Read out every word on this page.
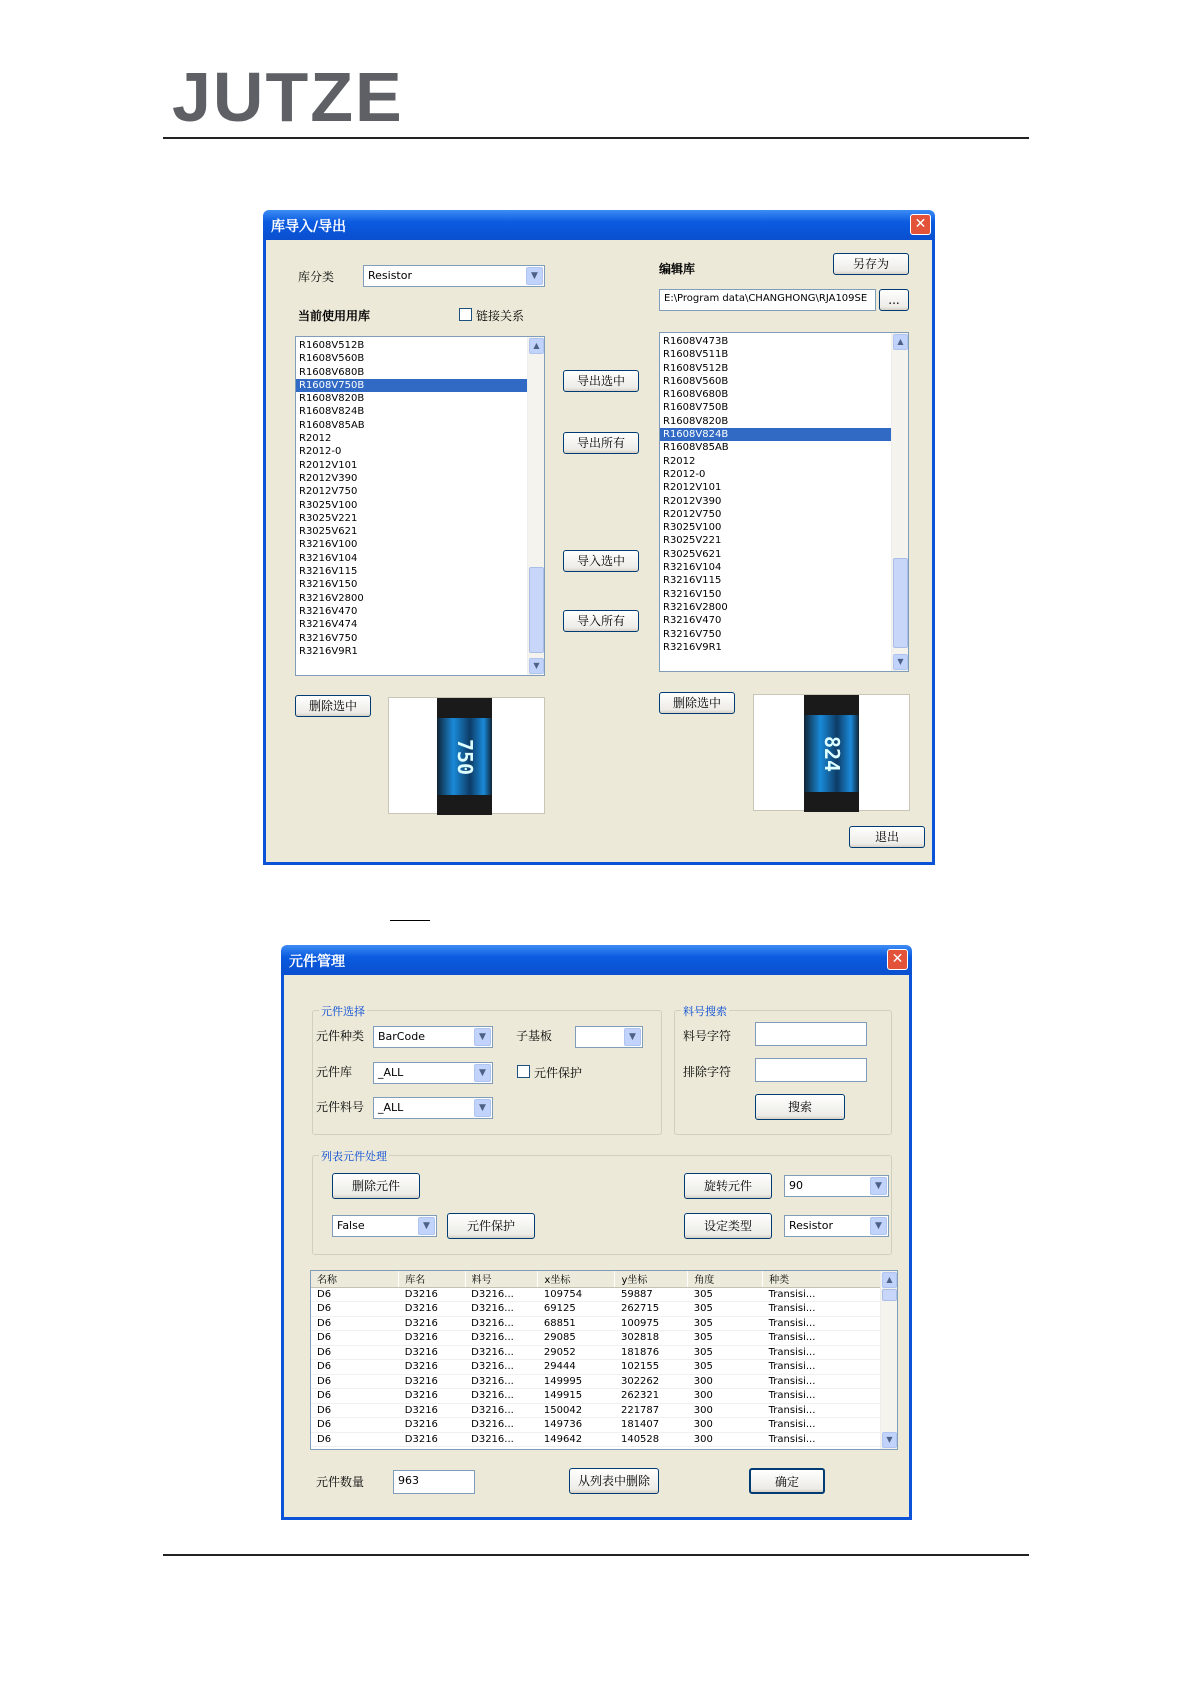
JUTZE
库导入/导出	✕
库分类	Resistor	▼
当前使用用库	链接关系
编辑库	另存为
E:\Program data\CHANGHONG\RJA109SE	...
R1608V512B
R1608V560B
R1608V680B
R1608V750B
R1608V820B
R1608V824B
R1608V85AB
R2012
R2012-0
R2012V101
R2012V390
R2012V750
R3025V100
R3025V221
R3025V621
R3216V100
R3216V104
R3216V115
R3216V150
R3216V2800
R3216V470
R3216V474
R3216V750
R3216V9R1
▲
▼
R1608V473B
R1608V511B
R1608V512B
R1608V560B
R1608V680B
R1608V750B
R1608V820B
R1608V824B
R1608V85AB
R2012
R2012-0
R2012V101
R2012V390
R2012V750
R3025V100
R3025V221
R3025V621
R3216V104
R3216V115
R3216V150
R3216V2800
R3216V470
R3216V750
R3216V9R1
▲
▼
导出选中
导出所有
导入选中
导入所有
删除选中
750
删除选中
824
退出
元件管理	✕
元件选择
元件种类	BarCode	▼	子基板	▼
元件库	_ALL	▼	元件保护
元件料号	_ALL	▼
料号搜索
料号字符
排除字符
搜索
列表元件处理
删除元件	旋转元件	90	▼
False	▼	元件保护	设定类型	Resistor	▼
名称	库名	料号	x坐标	y坐标	角度	种类
D6	D3216	D3216...	109754	59887	305	Transisi...
D6	D3216	D3216...	69125	262715	305	Transisi...
D6	D3216	D3216...	68851	100975	305	Transisi...
D6	D3216	D3216...	29085	302818	305	Transisi...
D6	D3216	D3216...	29052	181876	305	Transisi...
D6	D3216	D3216...	29444	102155	305	Transisi...
D6	D3216	D3216...	149995	302262	300	Transisi...
D6	D3216	D3216...	149915	262321	300	Transisi...
D6	D3216	D3216...	150042	221787	300	Transisi...
D6	D3216	D3216...	149736	181407	300	Transisi...
D6	D3216	D3216...	149642	140528	300	Transisi...
▲
▼
元件数量	963	从列表中删除	确定
